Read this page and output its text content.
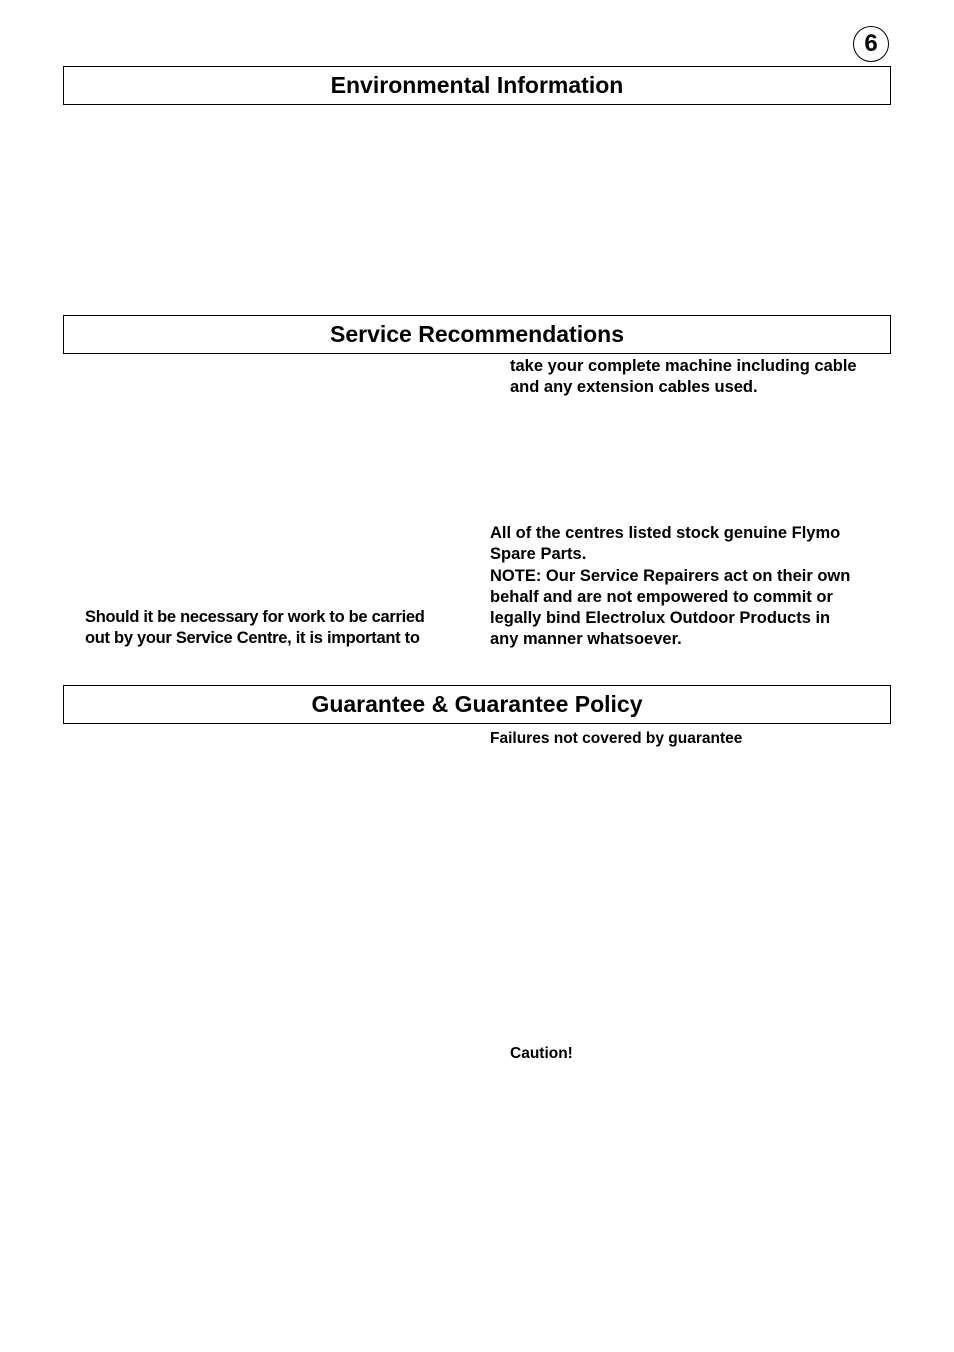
6
Environmental Information
Service Recommendations
take your complete machine including cable
and any extension cables used.
All of the centres listed stock genuine Flymo
Spare Parts.
NOTE: Our Service Repairers act on their own
behalf and are not empowered to commit or
legally bind Electrolux Outdoor Products in
any manner whatsoever.
Should it be necessary for work to be carried
out by your Service Centre, it is important to
Guarantee & Guarantee Policy
Failures not covered by guarantee
Caution!
